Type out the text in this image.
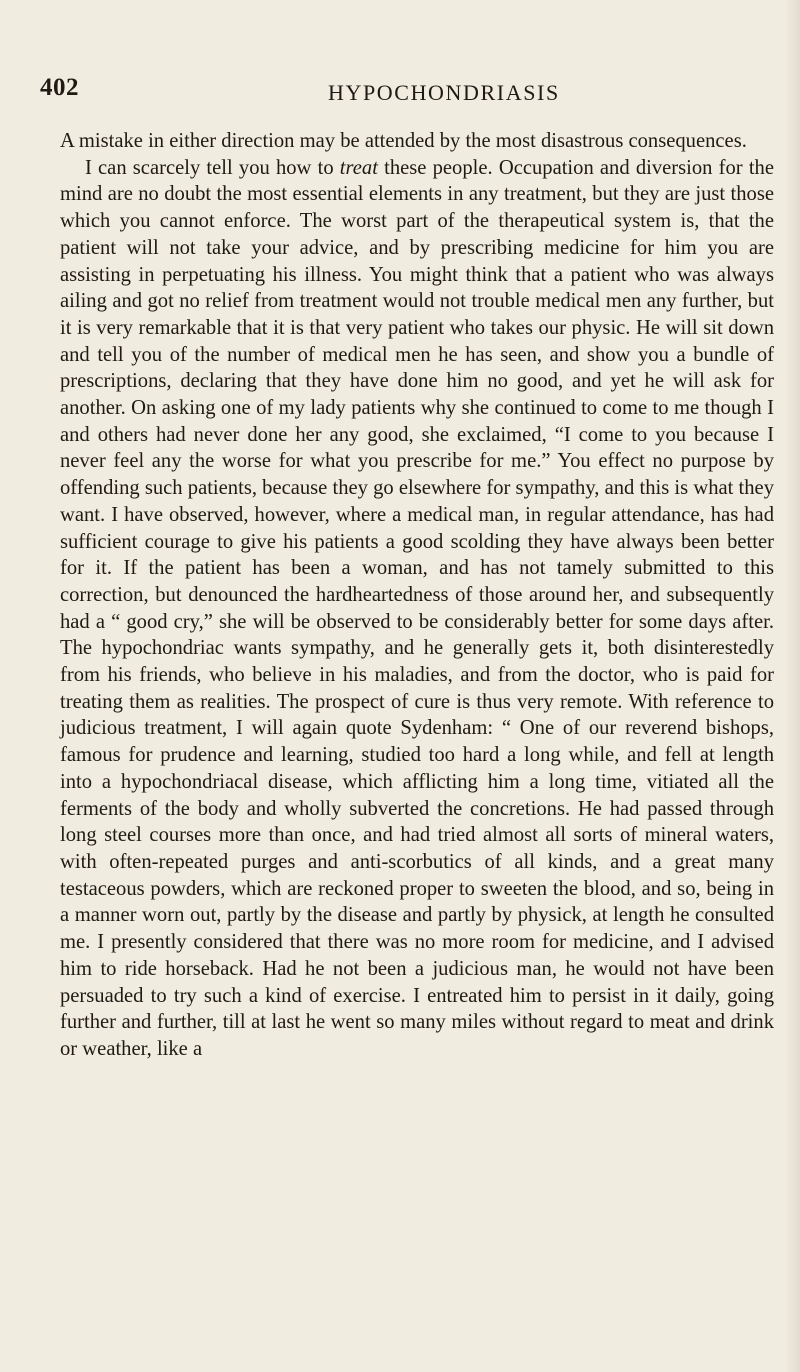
402	HYPOCHONDRIASIS

A mistake in either direction may be attended by the most disastrous consequences.

I can scarcely tell you how to treat these people. Occupation and diversion for the mind are no doubt the most essential elements in any treatment, but they are just those which you cannot enforce. The worst part of the therapeutical system is, that the patient will not take your advice, and by prescribing medicine for him you are assisting in perpetuating his illness. You might think that a patient who was always ailing and got no relief from treatment would not trouble medical men any further, but it is very remarkable that it is that very patient who takes our physic. He will sit down and tell you of the number of medical men he has seen, and show you a bundle of prescriptions, declaring that they have done him no good, and yet he will ask for another. On asking one of my lady patients why she continued to come to me though I and others had never done her any good, she exclaimed, “I come to you because I never feel any the worse for what you prescribe for me.” You effect no purpose by offending such patients, because they go elsewhere for sympathy, and this is what they want. I have observed, however, where a medical man, in regular attendance, has had sufficient courage to give his patients a good scolding they have always been better for it. If the patient has been a woman, and has not tamely submitted to this correction, but denounced the hardheartedness of those around her, and subsequently had a “ good cry,” she will be observed to be considerably better for some days after. The hypochondriac wants sympathy, and he generally gets it, both disinterestedly from his friends, who believe in his maladies, and from the doctor, who is paid for treating them as realities. The prospect of cure is thus very remote. With reference to judicious treatment, I will again quote Sydenham: “ One of our reverend bishops, famous for prudence and learning, studied too hard a long while, and fell at length into a hypochondriacal disease, which afflicting him a long time, vitiated all the ferments of the body and wholly subverted the concretions. He had passed through long steel courses more than once, and had tried almost all sorts of mineral waters, with often-repeated purges and anti-scorbutics of all kinds, and a great many testaceous powders, which are reckoned proper to sweeten the blood, and so, being in a manner worn out, partly by the disease and partly by physick, at length he consulted me. I presently considered that there was no more room for medicine, and I advised him to ride horseback. Had he not been a judicious man, he would not have been persuaded to try such a kind of exercise. I entreated him to persist in it daily, going further and further, till at last he went so many miles without regard to meat and drink or weather, like a
